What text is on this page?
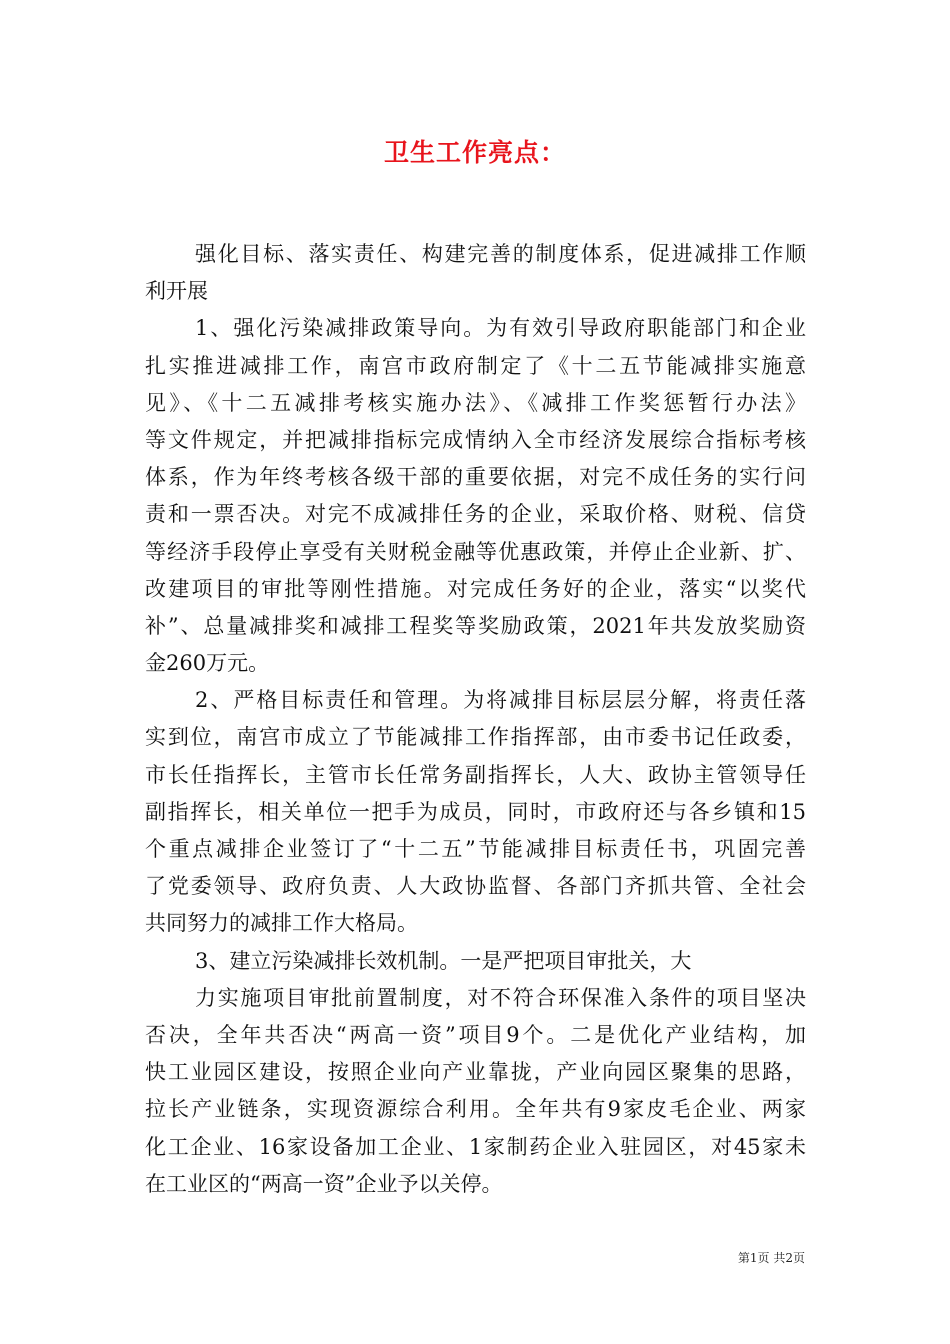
卫生工作亮点：
强化目标、落实责任、构建完善的制度体系，促进减排工作顺
利开展
1、强化污染减排政策导向。为有效引导政府职能部门和企业
扎实推进减排工作，南宫市政府制定了《十二五节能减排实施意
见》、《十二五减排考核实施办法》、《减排工作奖惩暂行办法》
等文件规定，并把减排指标完成情纳入全市经济发展综合指标考核
体系，作为年终考核各级干部的重要依据，对完不成任务的实行问
责和一票否决。对完不成减排任务的企业，采取价格、财税、信贷
等经济手段停止享受有关财税金融等优惠政策，并停止企业新、扩、
改建项目的审批等刚性措施。对完成任务好的企业，落实“以奖代
补”、总量减排奖和减排工程奖等奖励政策，2021年共发放奖励资
金260万元。
2、严格目标责任和管理。为将减排目标层层分解，将责任落
实到位，南宫市成立了节能减排工作指挥部，由市委书记任政委，
市长任指挥长，主管市长任常务副指挥长，人大、政协主管领导任
副指挥长，相关单位一把手为成员，同时，市政府还与各乡镇和15
个重点减排企业签订了“十二五”节能减排目标责任书，巩固完善
了党委领导、政府负责、人大政协监督、各部门齐抓共管、全社会
共同努力的减排工作大格局。
3、建立污染减排长效机制。一是严把项目审批关，大
力实施项目审批前置制度，对不符合环保准入条件的项目坚决
否决，全年共否决“两高一资”项目9个。二是优化产业结构，加
快工业园区建设，按照企业向产业靠拢，产业向园区聚集的思路，
拉长产业链条，实现资源综合利用。全年共有9家皮毛企业、两家
化工企业、16家设备加工企业、1家制药企业入驻园区，对45家未
在工业区的“两高一资”企业予以关停。
第1页 共2页
